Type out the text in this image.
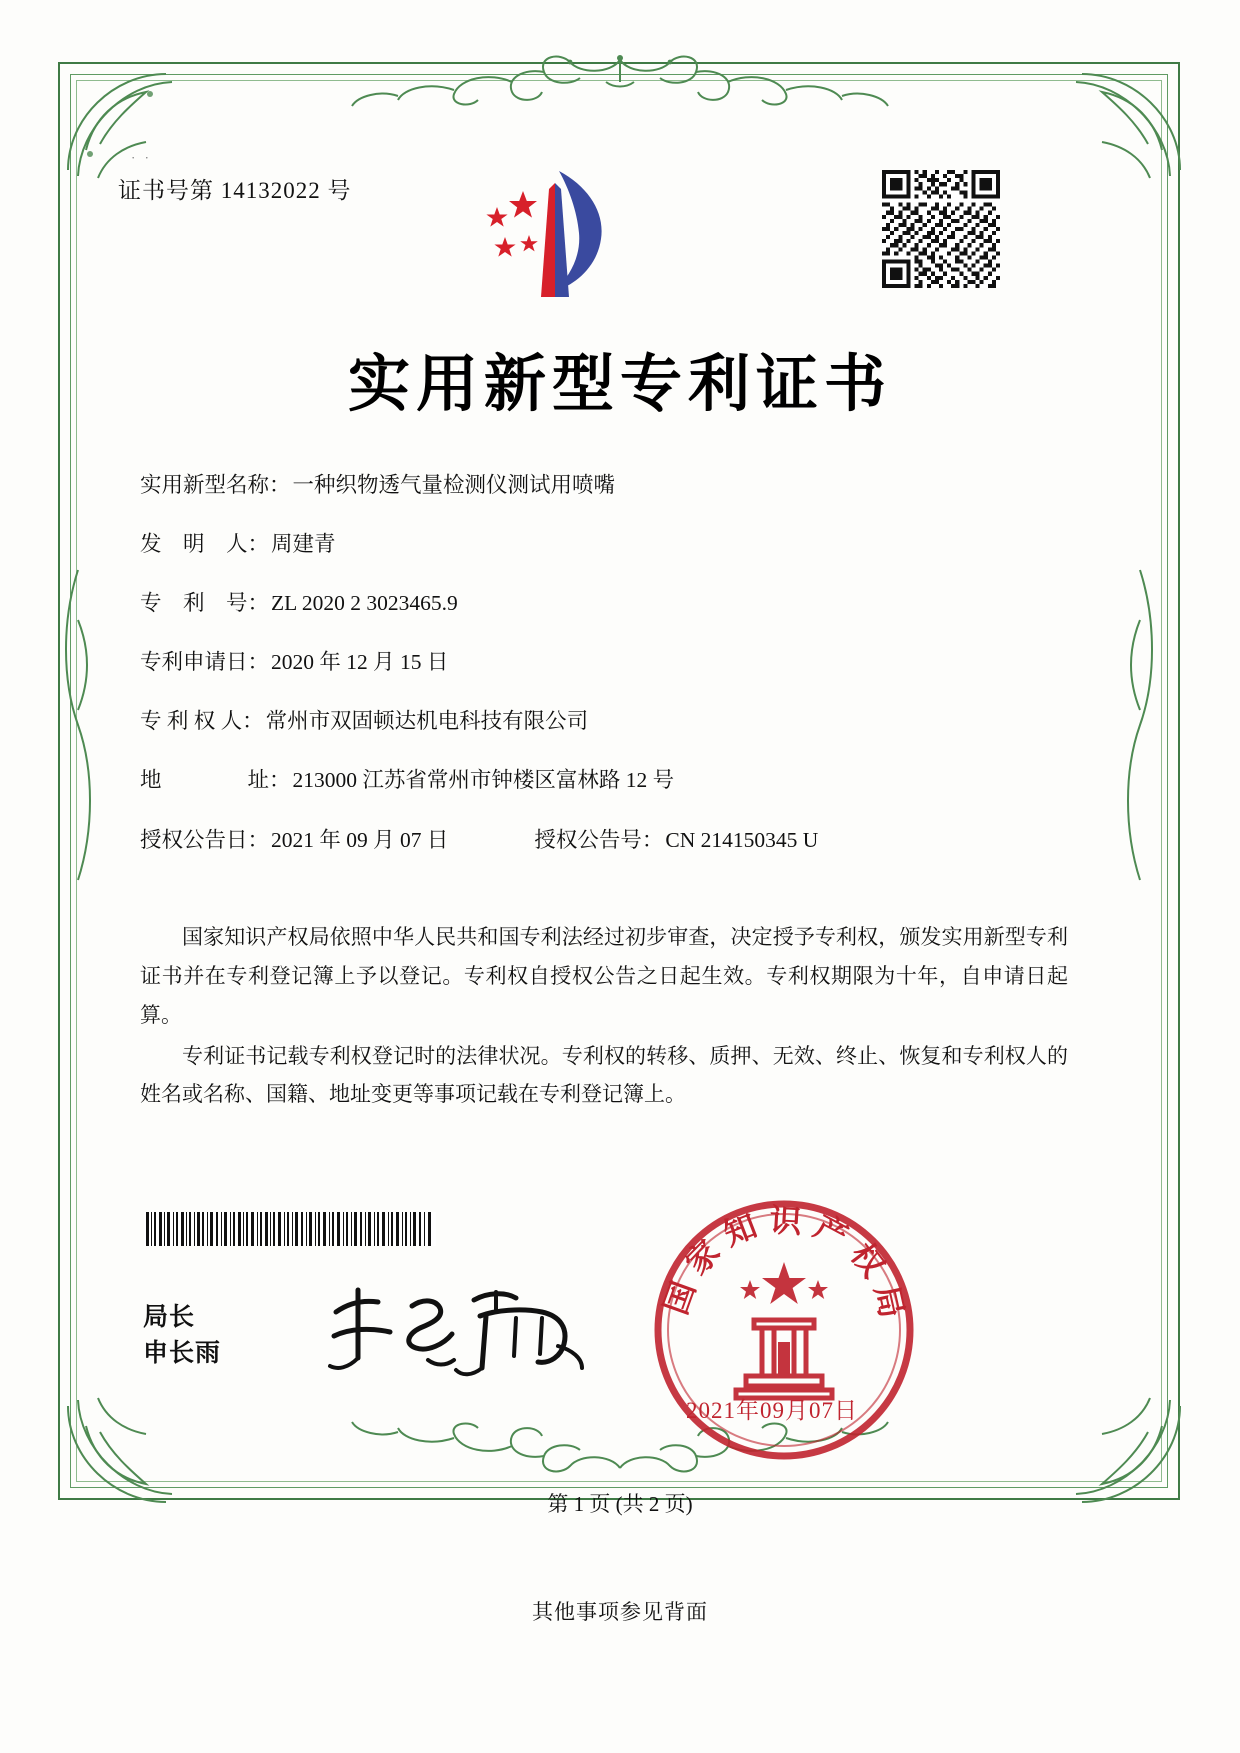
· ·
证书号第 14132022 号
实用新型专利证书
实用新型名称： 一种织物透气量检测仪测试用喷嘴
发　明　人： 周建青
专　利　号： ZL 2020 2 3023465.9
专利申请日： 2020 年 12 月 15 日
专 利 权 人： 常州市双固顿达机电科技有限公司
地　　　　址： 213000 江苏省常州市钟楼区富林路 12 号
授权公告日： 2021 年 09 月 07 日	授权公告号： CN 214150345 U

国家知识产权局依照中华人民共和国专利法经过初步审查，决定授予专利权，颁发实用新型专利证书并在专利登记簿上予以登记。专利权自授权公告之日起生效。专利权期限为十年，自申请日起算。

专利证书记载专利权登记时的法律状况。专利权的转移、质押、无效、终止、恢复和专利权人的姓名或名称、国籍、地址变更等事项记载在专利登记簿上。

局长
申长雨
国家知识产权局
2021年09月07日
第 1 页 (共 2 页)
其他事项参见背面
